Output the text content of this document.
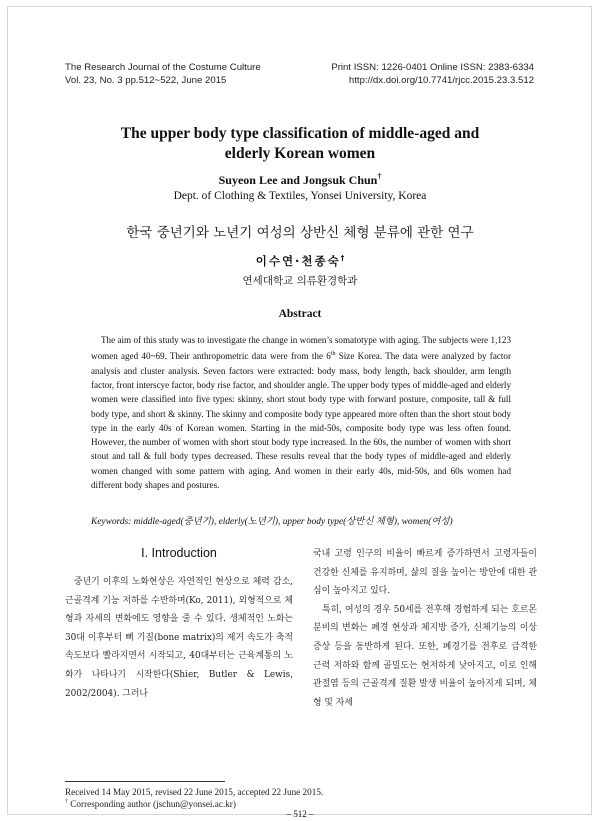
The Research Journal of the Costume Culture
Vol. 23, No. 3 pp.512~522, June 2015
Print ISSN: 1226-0401 Online ISSN: 2383-6334
http://dx.doi.org/10.7741/rjcc.2015.23.3.512
The upper body type classification of middle-aged and
elderly Korean women
Suyeon Lee and Jongsuk Chun†
Dept. of Clothing & Textiles, Yonsei University, Korea
한국 중년기와 노년기 여성의 상반신 체형 분류에 관한 연구
이수연·천종숙†
연세대학교 의류환경학과
Abstract
The aim of this study was to investigate the change in women’s somatotype with aging. The subjects were 1,123 women aged 40~69. Their anthropometric data were from the 6th Size Korea. The data were analyzed by factor analysis and cluster analysis. Seven factors were extracted: body mass, body length, back shoulder, arm length factor, front interscye factor, body rise factor, and shoulder angle. The upper body types of middle-aged and elderly women were classified into five types: skinny, short stout body type with forward posture, composite, tall & full body type, and short & skinny. The skinny and composite body type appeared more often than the short stout body type in the early 40s of Korean women. Starting in the mid-50s, composite body type was less often found. However, the number of women with short stout body type increased. In the 60s, the number of women with short stout and tall & full body types decreased. These results reveal that the body types of middle-aged and elderly women changed with some pattern with aging. And women in their early 40s, mid-50s, and 60s women had different body shapes and postures.
Keywords: middle-aged(중년기), elderly(노년기), upper body type(상반신 체형), women(여성)
I. Introduction

중년기 이후의 노화현상은 자연적인 현상으로 체력 감소, 근골격계 기능 저하를 수반하며(Ko, 2011), 외형적으로 체형과 자세의 변화에도 영향을 줄 수 있다. 생체적인 노화는 30대 이후부터 뼈 기질(bone matrix)의 제거 속도가 축적 속도보다 빨라지면서 시작되고, 40대부터는 근육계통의 노화가 나타나기 시작한다(Shier, Butler & Lewis, 2002/2004). 그러나

국내 고령 인구의 비율이 빠르게 증가하면서 고령자들이 건강한 신체를 유지하며, 삶의 질을 높이는 방안에 대한 관심이 높아지고 있다.

특히, 여성의 경우 50세를 전후해 경험하게 되는 호르몬 분비의 변화는 폐경 현상과 체지방 증가, 신체기능의 이상 증상 등을 동반하게 된다. 또한, 폐경기를 전후로 급격한 근력 저하와 함께 골밀도는 현저하게 낮아지고, 이로 인해 관절염 등의 근골격계 질환 발생 비율이 높아지게 되며, 체형 및 자세

Received 14 May 2015, revised 22 June 2015, accepted 22 June 2015.
† Corresponding author (jschun@yonsei.ac.kr)
– 512 –
